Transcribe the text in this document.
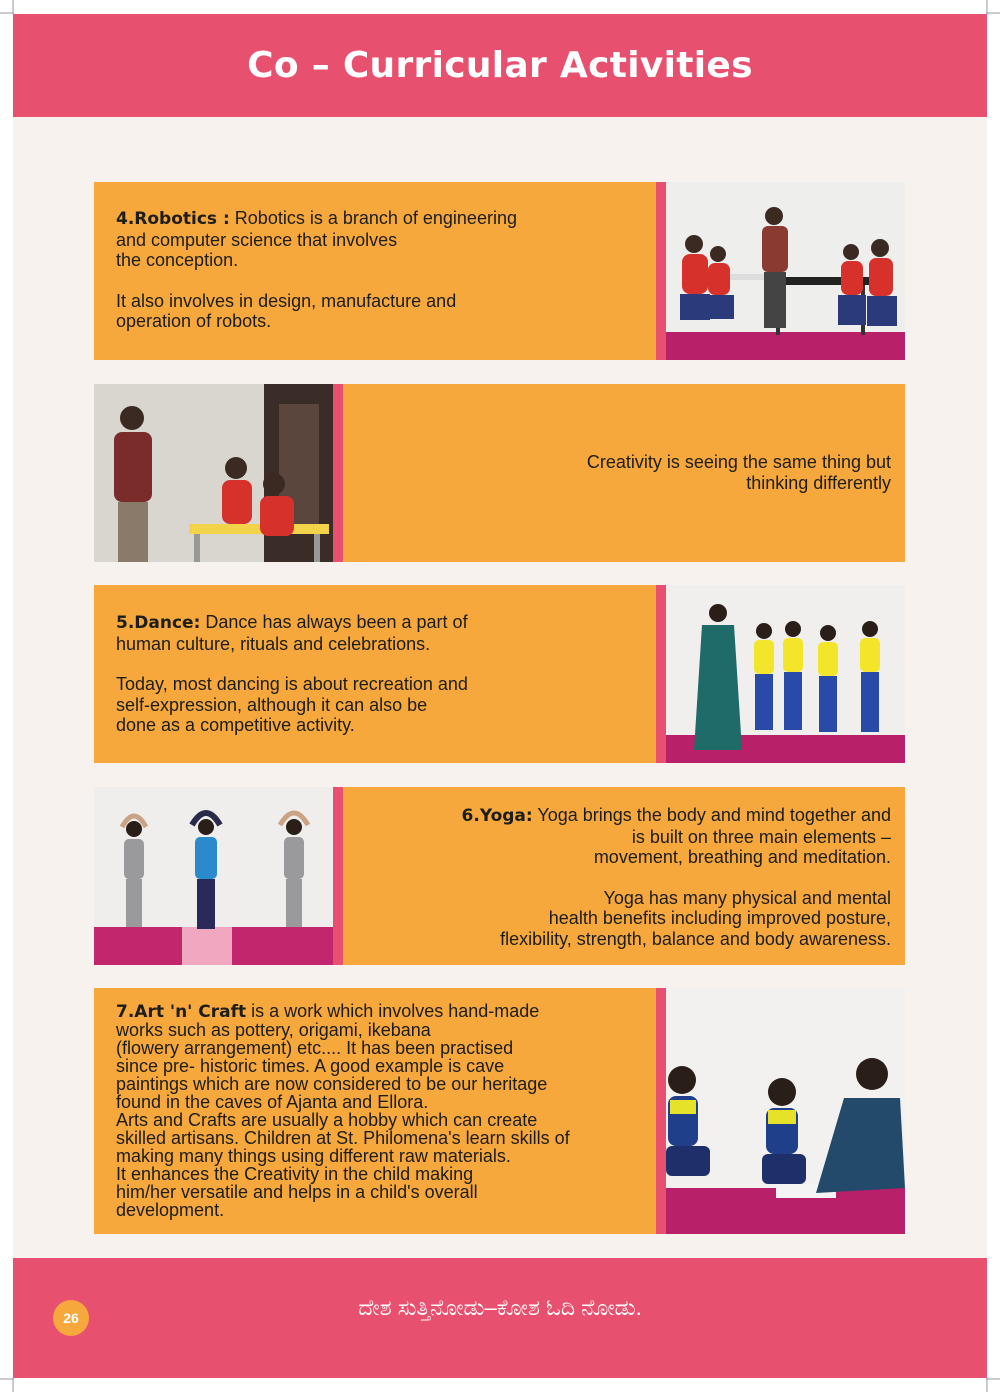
Co – Curricular Activities

4.Robotics : Robotics is a branch of engineering
and computer science that involves
the conception.

It also involves in design, manufacture and
operation of robots.

Creativity is seeing the same thing but
thinking differently

5.Dance: Dance has always been a part of
human culture, rituals and celebrations.

Today, most dancing is about recreation and
self-expression, although it can also be
done as a competitive activity.

6.Yoga: Yoga brings the body and mind together and
is built on three main elements –
movement, breathing and meditation.

Yoga has many physical and mental
health benefits including improved posture,
flexibility, strength, balance and body awareness.

7.Art 'n' Craft is a work which involves hand-made
works such as pottery, origami, ikebana
(flowery arrangement) etc.... It has been practised
since pre- historic times. A good example is cave
paintings which are now considered to be our heritage
found in the caves of Ajanta and Ellora.
Arts and Crafts are usually a hobby which can create
skilled artisans. Children at St. Philomena's learn skills of
making many things using different raw materials.
It enhances the Creativity in the child making
him/her versatile and helps in a child's overall
development.

26	ದೇಶ ಸುತ್ತಿನೋಡು–ಕೋಶ ಓದಿ ನೋಡು.
